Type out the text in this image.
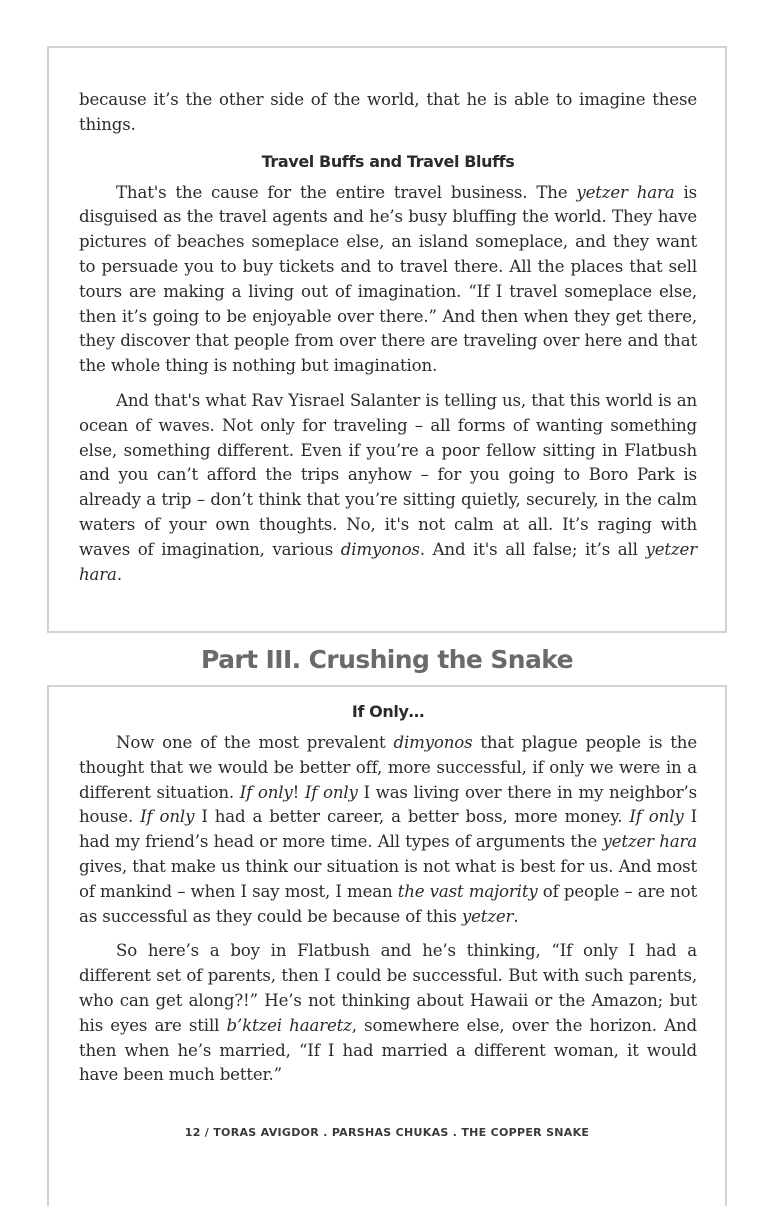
because it’s the other side of the world, that he is able to imagine these things.

Travel Buffs and Travel Bluffs

That's the cause for the entire travel business. The yetzer hara is disguised as the travel agents and he’s busy bluffing the world. They have pictures of beaches someplace else, an island someplace, and they want to persuade you to buy tickets and to travel there. All the places that sell tours are making a living out of imagination. “If I travel someplace else, then it’s going to be enjoyable over there.” And then when they get there, they discover that people from over there are traveling over here and that the whole thing is nothing but imagination.

And that's what Rav Yisrael Salanter is telling us, that this world is an ocean of waves. Not only for traveling – all forms of wanting something else, something different. Even if you’re a poor fellow sitting in Flatbush and you can’t afford the trips anyhow – for you going to Boro Park is already a trip – don’t think that you’re sitting quietly, securely, in the calm waters of your own thoughts. No, it's not calm at all. It’s raging with waves of imagination, various dimyonos. And it's all false; it’s all yetzer hara.

Part III. Crushing the Snake
If Only…

Now one of the most prevalent dimyonos that plague people is the thought that we would be better off, more successful, if only we were in a different situation. If only! If only I was living over there in my neighbor’s house. If only I had a better career, a better boss, more money. If only I had my friend’s head or more time. All types of arguments the yetzer hara gives, that make us think our situation is not what is best for us. And most of mankind – when I say most, I mean the vast majority of people – are not as successful as they could be because of this yetzer.

So here’s a boy in Flatbush and he’s thinking, “If only I had a different set of parents, then I could be successful. But with such parents, who can get along?!” He’s not thinking about Hawaii or the Amazon; but his eyes are still b’ktzei haaretz, somewhere else, over the horizon. And then when he’s married, “If I had married a different woman, it would have been much better.”

12 / TORAS AVIGDOR . PARSHAS CHUKAS . THE COPPER SNAKE
